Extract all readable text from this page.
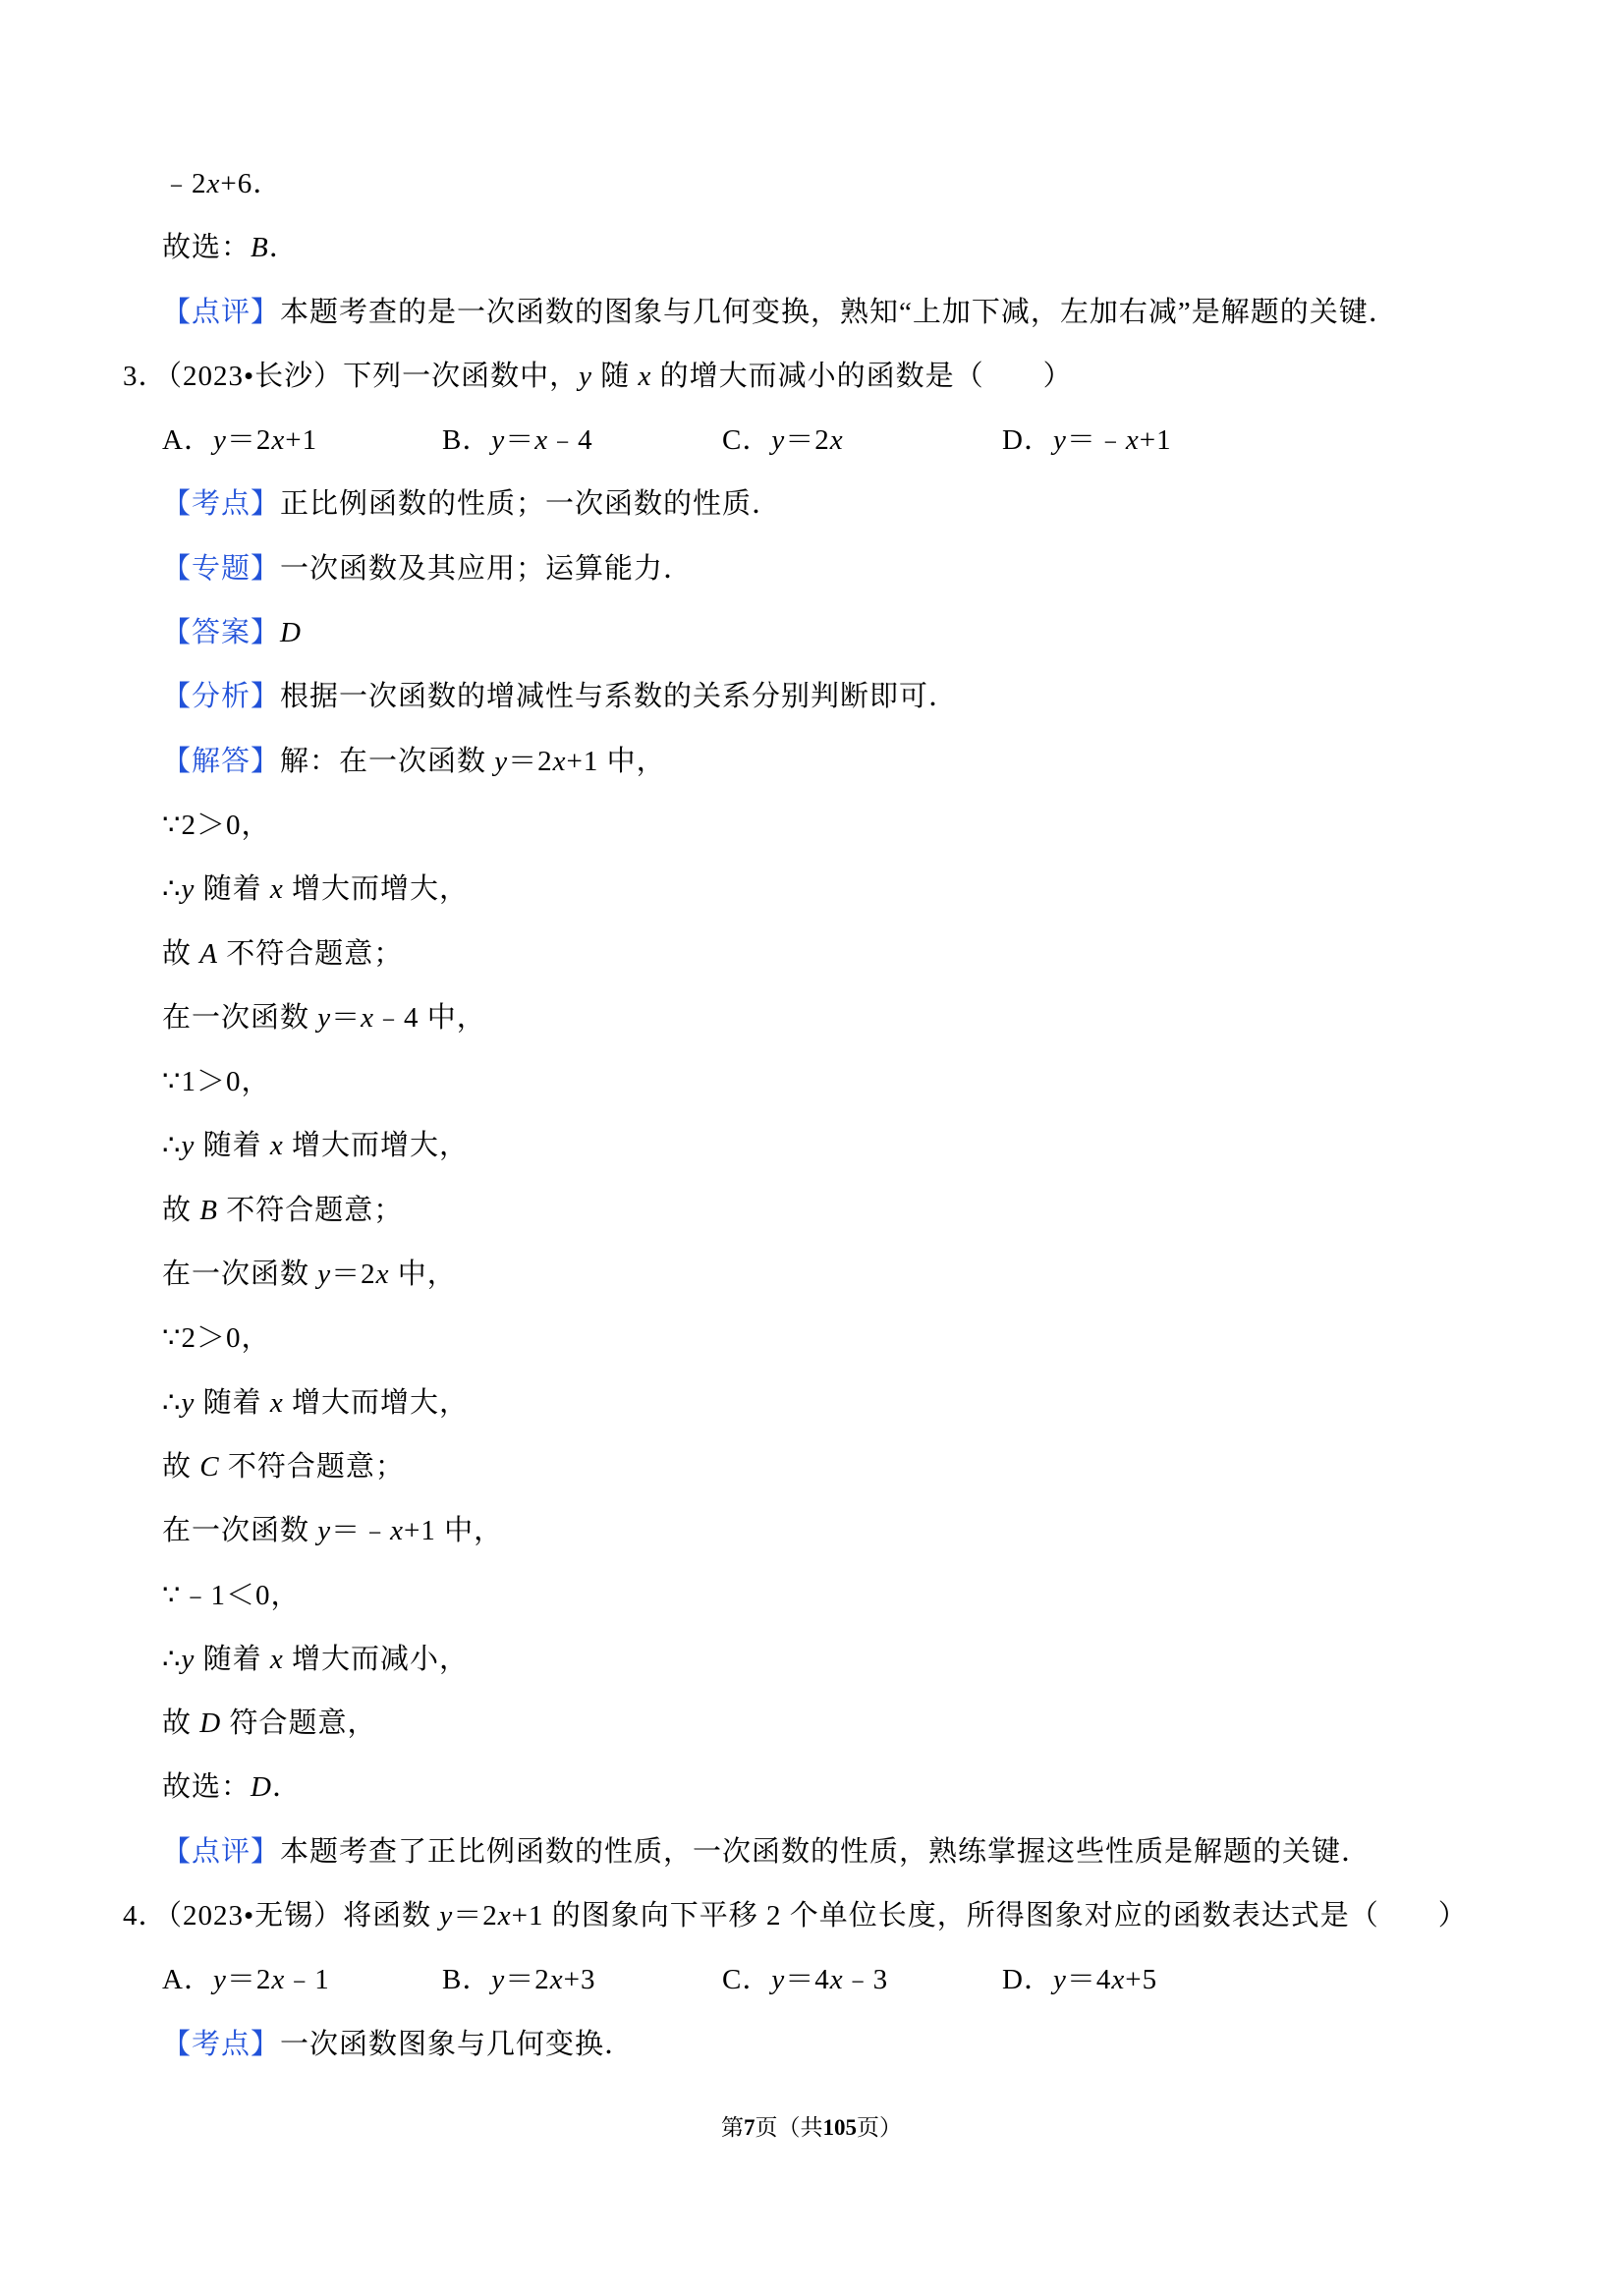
﹣2x+6．
故选：B．
【点评】本题考查的是一次函数的图象与几何变换，熟知“上加下减，左加右减”是解题的关键．
3．（2023•长沙）下列一次函数中，y 随 x 的增大而减小的函数是（　　）
A．y＝2x+1	B．y＝x﹣4	C．y＝2x	D．y＝﹣x+1
【考点】正比例函数的性质；一次函数的性质．
【专题】一次函数及其应用；运算能力．
【答案】D
【分析】根据一次函数的增减性与系数的关系分别判断即可．
【解答】解：在一次函数 y＝2x+1 中，
∵2＞0，
∴y 随着 x 增大而增大，
故 A 不符合题意；
在一次函数 y＝x﹣4 中，
∵1＞0，
∴y 随着 x 增大而增大，
故 B 不符合题意；
在一次函数 y＝2x 中，
∵2＞0，
∴y 随着 x 增大而增大，
故 C 不符合题意；
在一次函数 y＝﹣x+1 中，
∵﹣1＜0，
∴y 随着 x 增大而减小，
故 D 符合题意，
故选：D．
【点评】本题考查了正比例函数的性质，一次函数的性质，熟练掌握这些性质是解题的关键．
4．（2023•无锡）将函数 y＝2x+1 的图象向下平移 2 个单位长度，所得图象对应的函数表达式是（　　）
A．y＝2x﹣1	B．y＝2x+3	C．y＝4x﹣3	D．y＝4x+5
【考点】一次函数图象与几何变换．
第7页（共105页）
